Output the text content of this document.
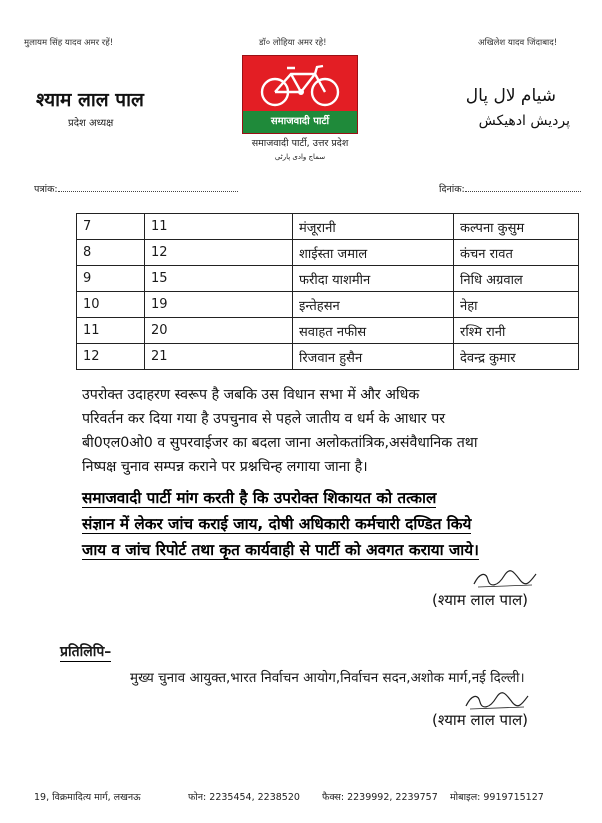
मुलायम सिंह यादव अमर रहें!	डॉ० लोहिया अमर रहे!	अखिलेश यादव जिंदाबाद!
श्याम लाल पाल
प्रदेश अध्यक्ष
شیام لال پال
پردیش ادھیکش
समाजवादी पार्टी
समाजवादी पार्टी, उत्तर प्रदेश
سماج وادی پارٹی
पत्रांक:	दिनांक:
7	11	मंजूरानी	कल्पना कुसुम
8	12	शाईस्ता जमाल	कंचन रावत
9	15	फरीदा याशमीन	निधि अग्रवाल
10	19	इन्तेहसन	नेहा
11	20	सवाहत नफीस	रश्मि रानी
12	21	रिजवान हुसैन	देवन्द्र कुमार
उपरोक्त उदाहरण स्वरूप है जबकि उस विधान सभा में और अधिक
परिवर्तन कर दिया गया है उपचुनाव से पहले जातीय व धर्म के आधार पर
बी0एल0ओ0 व सुपरवाईजर का बदला जाना अलोकतांत्रिक,असंवैधानिक तथा
निष्पक्ष चुनाव सम्पन्न कराने पर प्रश्नचिन्ह लगाया जाना है।
समाजवादी पार्टी मांग करती है कि उपरोक्त शिकायत को तत्काल
संज्ञान में लेकर जांच कराई जाय, दोषी अधिकारी कर्मचारी दण्डित किये
जाय व जांच रिपोर्ट तथा कृत कार्यवाही से पार्टी को अवगत कराया जाये।
(श्याम लाल पाल)
प्रतिलिपि–
मुख्य चुनाव आयुक्त,भारत निर्वाचन आयोग,निर्वाचन सदन,अशोक मार्ग,नई दिल्ली।
(श्याम लाल पाल)
19, विक्रमादित्य मार्ग, लखनऊ	फोन: 2235454, 2238520 फैक्स: 2239992, 2239757 मोबाइल: 9919715127
